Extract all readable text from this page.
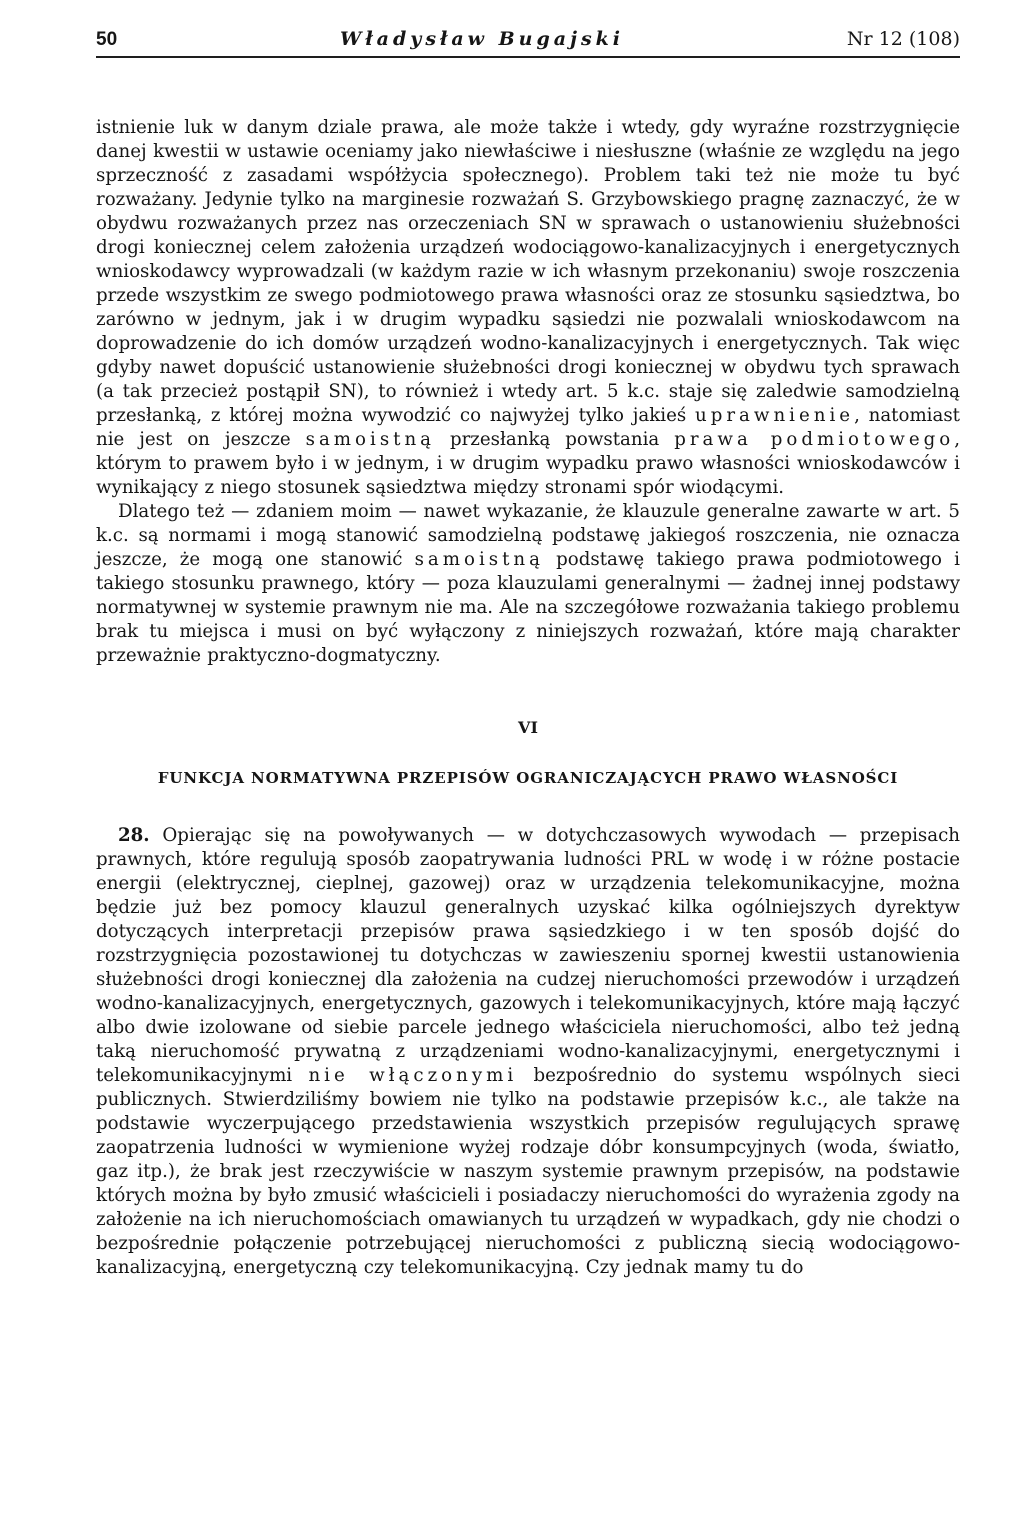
50	Władysław Bugajski	Nr 12 (108)

istnienie luk w danym dziale prawa, ale może także i wtedy, gdy wyraźne rozstrzygnięcie danej kwestii w ustawie oceniamy jako niewłaściwe i niesłuszne (właśnie ze względu na jego sprzeczność z zasadami współżycia społecznego). Problem taki też nie może tu być rozważany. Jedynie tylko na marginesie rozważań S. Grzybowskiego pragnę zaznaczyć, że w obydwu rozważanych przez nas orzeczeniach SN w sprawach o ustanowieniu służebności drogi koniecznej celem założenia urządzeń wodociągowo-kanalizacyjnych i energetycznych wnioskodawcy wyprowadzali (w każdym razie w ich własnym przekonaniu) swoje roszczenia przede wszystkim ze swego podmiotowego prawa własności oraz ze stosunku sąsiedztwa, bo zarówno w jednym, jak i w drugim wypadku sąsiedzi nie pozwalali wnioskodawcom na doprowadzenie do ich domów urządzeń wodno-kanalizacyjnych i energetycznych. Tak więc gdyby nawet dopuścić ustanowienie służebności drogi koniecznej w obydwu tych sprawach (a tak przecież postąpił SN), to również i wtedy art. 5 k.c. staje się zaledwie samodzielną przesłanką, z której można wywodzić co najwyżej tylko jakieś uprawnienie, natomiast nie jest on jeszcze samoistną przesłanką powstania prawa podmiotowego, którym to prawem było i w jednym, i w drugim wypadku prawo własności wnioskodawców i wynikający z niego stosunek sąsiedztwa między stronami spór wiodącymi.

Dlatego też — zdaniem moim — nawet wykazanie, że klauzule generalne zawarte w art. 5 k.c. są normami i mogą stanowić samodzielną podstawę jakiegoś roszczenia, nie oznacza jeszcze, że mogą one stanowić samoistną podstawę takiego prawa podmiotowego i takiego stosunku prawnego, który — poza klauzulami generalnymi — żadnej innej podstawy normatywnej w systemie prawnym nie ma. Ale na szczegółowe rozważania takiego problemu brak tu miejsca i musi on być wyłączony z niniejszych rozważań, które mają charakter przeważnie praktyczno-dogmatyczny.

VI
FUNKCJA NORMATYWNA PRZEPISÓW OGRANICZAJĄCYCH PRAWO WŁASNOŚCI

28. Opierając się na powoływanych — w dotychczasowych wywodach — przepisach prawnych, które regulują sposób zaopatrywania ludności PRL w wodę i w różne postacie energii (elektrycznej, cieplnej, gazowej) oraz w urządzenia telekomunikacyjne, można będzie już bez pomocy klauzul generalnych uzyskać kilka ogólniejszych dyrektyw dotyczących interpretacji przepisów prawa sąsiedzkiego i w ten sposób dojść do rozstrzygnięcia pozostawionej tu dotychczas w zawieszeniu spornej kwestii ustanowienia służebności drogi koniecznej dla założenia na cudzej nieruchomości przewodów i urządzeń wodno-kanalizacyjnych, energetycznych, gazowych i telekomunikacyjnych, które mają łączyć albo dwie izolowane od siebie parcele jednego właściciela nieruchomości, albo też jedną taką nieruchomość prywatną z urządzeniami wodno-kanalizacyjnymi, energetycznymi i telekomunikacyjnymi nie włączonymi bezpośrednio do systemu wspólnych sieci publicznych. Stwierdziliśmy bowiem nie tylko na podstawie przepisów k.c., ale także na podstawie wyczerpującego przedstawienia wszystkich przepisów regulujących sprawę zaopatrzenia ludności w wymienione wyżej rodzaje dóbr konsumpcyjnych (woda, światło, gaz itp.), że brak jest rzeczywiście w naszym systemie prawnym przepisów, na podstawie których można by było zmusić właścicieli i posiadaczy nieruchomości do wyrażenia zgody na założenie na ich nieruchomościach omawianych tu urządzeń w wypadkach, gdy nie chodzi o bezpośrednie połączenie potrzebującej nieruchomości z publiczną siecią wodociągowo-kanalizacyjną, energetyczną czy telekomunikacyjną. Czy jednak mamy tu do
